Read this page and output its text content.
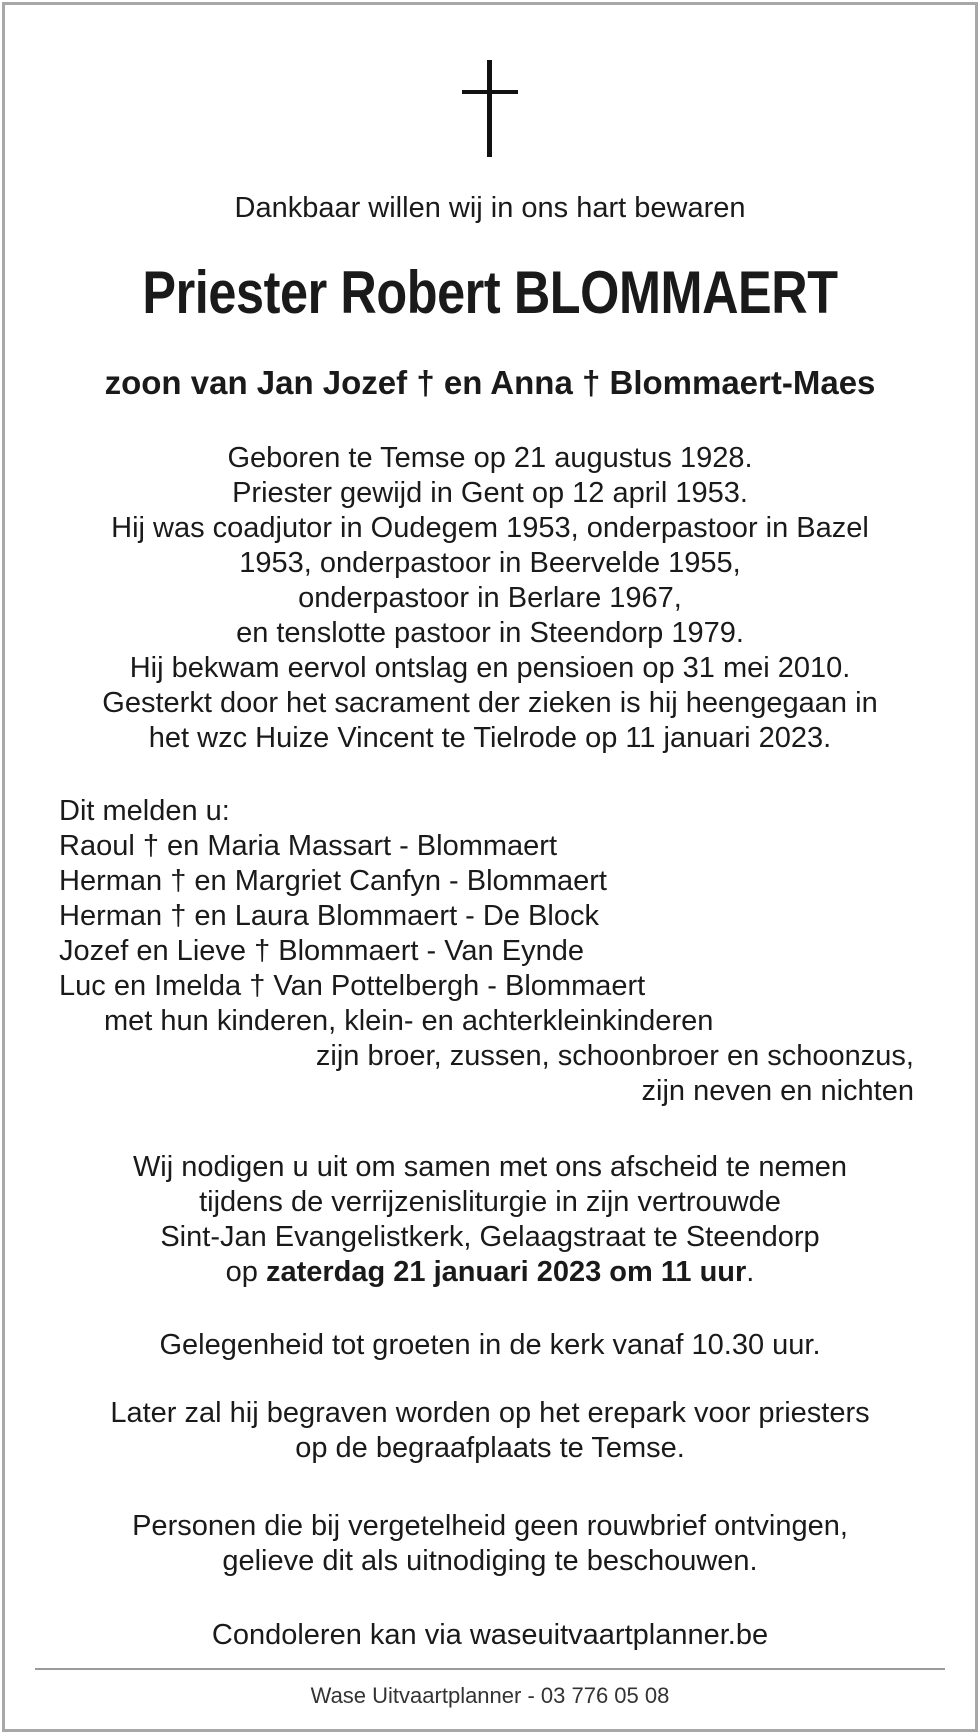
Dankbaar willen wij in ons hart bewaren
Priester Robert BLOMMAERT
zoon van Jan Jozef † en Anna † Blommaert-Maes
Geboren te Temse op 21 augustus 1928.
Priester gewijd in Gent op 12 april 1953.
Hij was coadjutor in Oudegem 1953, onderpastoor in Bazel
1953, onderpastoor in Beervelde 1955,
onderpastoor in Berlare 1967,
en tenslotte pastoor in Steendorp 1979.
Hij bekwam eervol ontslag en pensioen op 31 mei 2010.
Gesterkt door het sacrament der zieken is hij heengegaan in
het wzc Huize Vincent te Tielrode op 11 januari 2023.
Dit melden u:
Raoul † en Maria Massart - Blommaert
Herman † en Margriet Canfyn - Blommaert
Herman † en Laura Blommaert - De Block
Jozef en Lieve † Blommaert - Van Eynde
Luc en Imelda † Van Pottelbergh - Blommaert
met hun kinderen, klein- en achterkleinkinderen
zijn broer, zussen, schoonbroer en schoonzus,
zijn neven en nichten
Wij nodigen u uit om samen met ons afscheid te nemen
tijdens de verrijzenisliturgie in zijn vertrouwde
Sint-Jan Evangelistkerk, Gelaagstraat te Steendorp
op zaterdag 21 januari 2023 om 11 uur.
Gelegenheid tot groeten in de kerk vanaf 10.30 uur.
Later zal hij begraven worden op het erepark voor priesters
op de begraafplaats te Temse.
Personen die bij vergetelheid geen rouwbrief ontvingen,
gelieve dit als uitnodiging te beschouwen.
Condoleren kan via waseuitvaartplanner.be
Wase Uitvaartplanner - 03 776 05 08
